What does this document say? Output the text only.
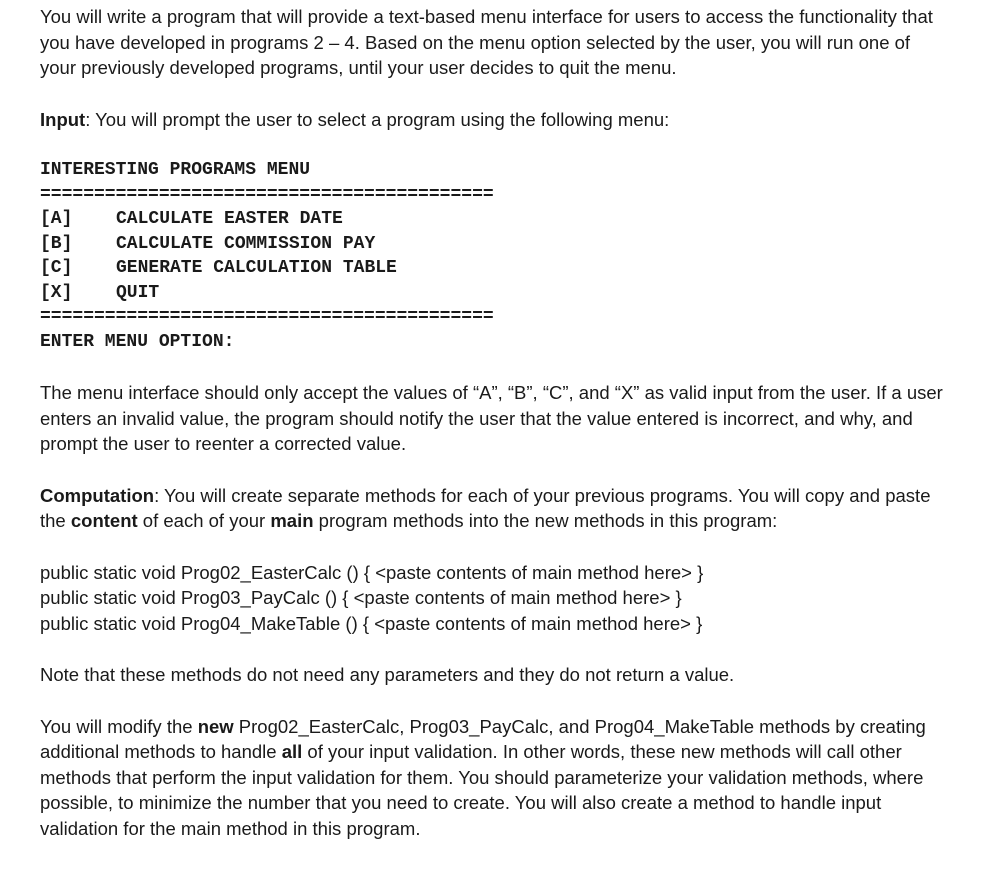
You will write a program that will provide a text-based menu interface for users to access the functionality that you have developed in programs 2 – 4. Based on the menu option selected by the user, you will run one of your previously developed programs, until your user decides to quit the menu.

Input: You will prompt the user to select a program using the following menu:

INTERESTING PROGRAMS MENU

==========================================

[A]	CALCULATE EASTER DATE
[B]	CALCULATE COMMISSION PAY
[C]	GENERATE CALCULATION TABLE
[X]	QUIT

==========================================

ENTER MENU OPTION:

The menu interface should only accept the values of “A”, “B”, “C”, and “X” as valid input from the user. If a user enters an invalid value, the program should notify the user that the value entered is incorrect, and why, and prompt the user to reenter a corrected value.

Computation: You will create separate methods for each of your previous programs. You will copy and paste the content of each of your main program methods into the new methods in this program:

public static void Prog02_EasterCalc () { <paste contents of main method here> }

public static void Prog03_PayCalc () { <paste contents of main method here> }

public static void Prog04_MakeTable () { <paste contents of main method here> }

Note that these methods do not need any parameters and they do not return a value.

You will modify the new Prog02_EasterCalc, Prog03_PayCalc, and Prog04_MakeTable methods by creating additional methods to handle all of your input validation. In other words, these new methods will call other methods that perform the input validation for them. You should parameterize your validation methods, where possible, to minimize the number that you need to create. You will also create a method to handle input validation for the main method in this program.
